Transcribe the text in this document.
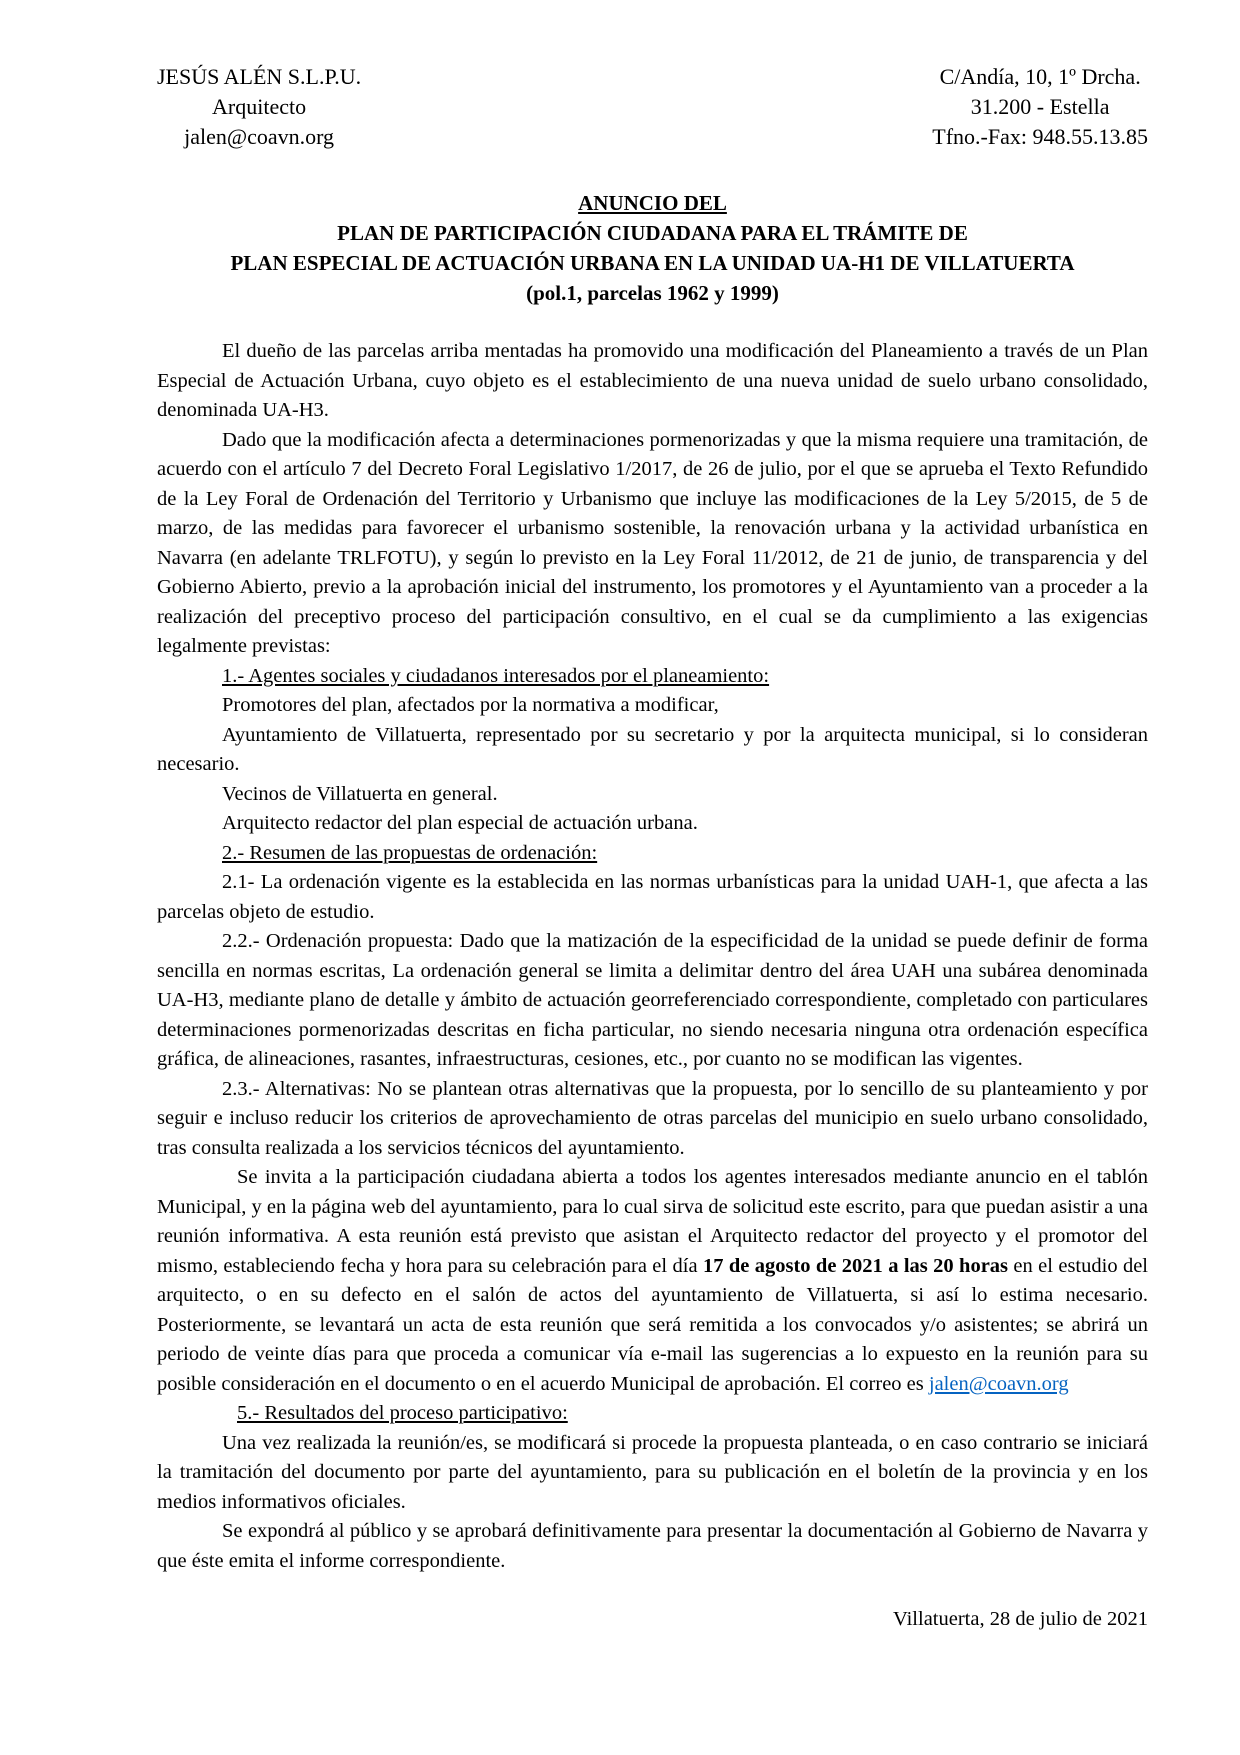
JESÚS ALÉN S.L.P.U.
Arquitecto
jalen@coavn.org
C/Andía, 10, 1º Drcha.
31.200 - Estella
Tfno.-Fax: 948.55.13.85
ANUNCIO DEL
PLAN DE PARTICIPACIÓN CIUDADANA PARA EL TRÁMITE DE
PLAN ESPECIAL DE ACTUACIÓN URBANA EN LA UNIDAD UA-H1 DE VILLATUERTA
(pol.1, parcelas 1962 y 1999)

El dueño de las parcelas arriba mentadas ha promovido una modificación del Planeamiento a través de un Plan Especial de Actuación Urbana, cuyo objeto es el establecimiento de una nueva unidad de suelo urbano consolidado, denominada UA-H3.

Dado que la modificación afecta a determinaciones pormenorizadas y que la misma requiere una tramitación, de acuerdo con el artículo 7 del Decreto Foral Legislativo 1/2017, de 26 de julio, por el que se aprueba el Texto Refundido de la Ley Foral de Ordenación del Territorio y Urbanismo que incluye las modificaciones de la Ley 5/2015, de 5 de marzo, de las medidas para favorecer el urbanismo sostenible, la renovación urbana y la actividad urbanística en Navarra (en adelante TRLFOTU), y según lo previsto en la Ley Foral 11/2012, de 21 de junio, de transparencia y del Gobierno Abierto, previo a la aprobación inicial del instrumento, los promotores y el Ayuntamiento van a proceder a la realización del preceptivo proceso del participación consultivo, en el cual se da cumplimiento a las exigencias legalmente previstas:

1.- Agentes sociales y ciudadanos interesados por el planeamiento:

Promotores del plan, afectados por la normativa a modificar,

Ayuntamiento de Villatuerta, representado por su secretario y por la arquitecta municipal, si lo consideran necesario.

Vecinos de Villatuerta en general.

Arquitecto redactor del plan especial de actuación urbana.

2.- Resumen de las propuestas de ordenación:

2.1- La ordenación vigente es la establecida en las normas urbanísticas para la unidad UAH-1, que afecta a las parcelas objeto de estudio.

2.2.- Ordenación propuesta: Dado que la matización de la especificidad de la unidad se puede definir de forma sencilla en normas escritas, La ordenación general se limita a delimitar dentro del área UAH una subárea denominada UA-H3, mediante plano de detalle y ámbito de actuación georreferenciado correspondiente, completado con particulares determinaciones pormenorizadas descritas en ficha particular, no siendo necesaria ninguna otra ordenación específica gráfica, de alineaciones, rasantes, infraestructuras, cesiones, etc., por cuanto no se modifican las vigentes.

2.3.- Alternativas: No se plantean otras alternativas que la propuesta, por lo sencillo de su planteamiento y por seguir e incluso reducir los criterios de aprovechamiento de otras parcelas del municipio en suelo urbano consolidado, tras consulta realizada a los servicios técnicos del ayuntamiento.

Se invita a la participación ciudadana abierta a todos los agentes interesados mediante anuncio en el tablón Municipal, y en la página web del ayuntamiento, para lo cual sirva de solicitud este escrito, para que puedan asistir a una reunión informativa. A esta reunión está previsto que asistan el Arquitecto redactor del proyecto y el promotor del mismo, estableciendo fecha y hora para su celebración para el día 17 de agosto de 2021 a las 20 horas en el estudio del arquitecto, o en su defecto en el salón de actos del ayuntamiento de Villatuerta, si así lo estima necesario. Posteriormente, se levantará un acta de esta reunión que será remitida a los convocados y/o asistentes; se abrirá un periodo de veinte días para que proceda a comunicar vía e-mail las sugerencias a lo expuesto en la reunión para su posible consideración en el documento o en el acuerdo Municipal de aprobación. El correo es jalen@coavn.org

5.- Resultados del proceso participativo:

Una vez realizada la reunión/es, se modificará si procede la propuesta planteada, o en caso contrario se iniciará la tramitación del documento por parte del ayuntamiento, para su publicación en el boletín de la provincia y en los medios informativos oficiales.

Se expondrá al público y se aprobará definitivamente para presentar la documentación al Gobierno de Navarra y que éste emita el informe correspondiente.

Villatuerta, 28 de julio de 2021
